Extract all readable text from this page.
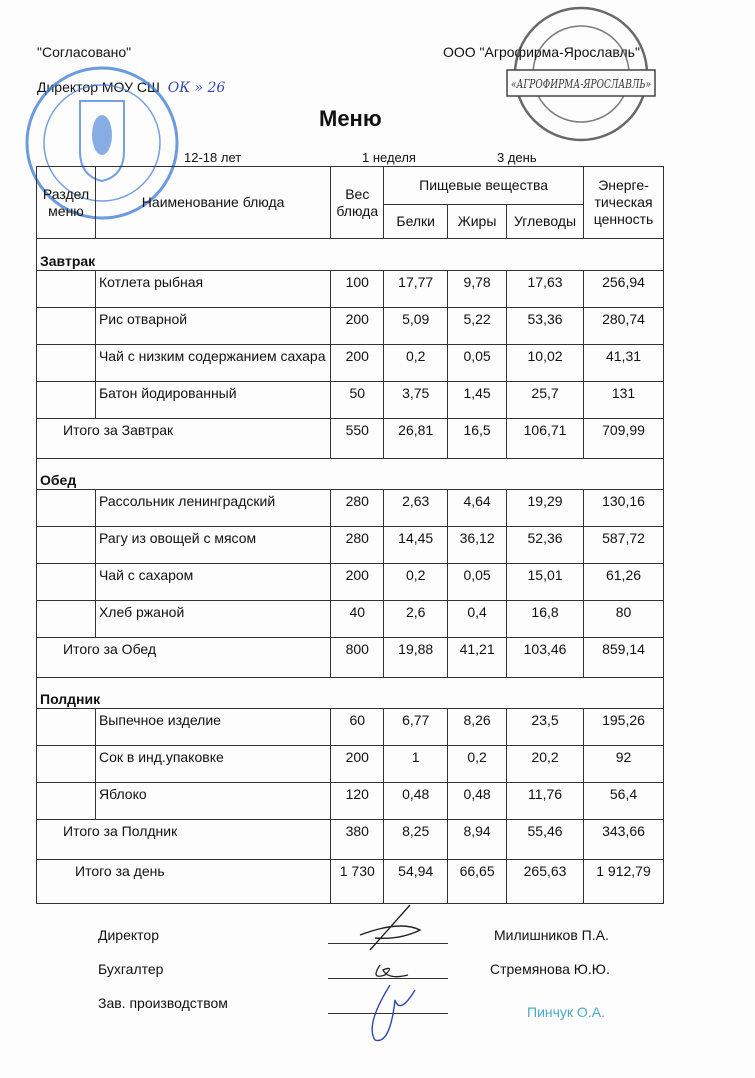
"Согласовано"
Директор МОУ СШ ОК » 26
ООО "Агрофирма-Ярославль"
«АГРОФИРМА-ЯРОСЛАВЛЬ»
Меню
12-18 лет	1 неделя	3 день
Раздел меню	Наименование блюда	Вес блюда	Пищевые вещества			Энерге-тическая ценность
			Белки	Жиры	Углеводы	
Завтрак						
	Котлета рыбная	100	17,77	9,78	17,63	256,94
	Рис отварной	200	5,09	5,22	53,36	280,74
	Чай с низким содержанием сахара	200	0,2	0,05	10,02	41,31
	Батон йодированный	50	3,75	1,45	25,7	131
Итого за Завтрак		550	26,81	16,5	106,71	709,99
Обед						
	Рассольник ленинградский	280	2,63	4,64	19,29	130,16
	Рагу из овощей с мясом	280	14,45	36,12	52,36	587,72
	Чай с сахаром	200	0,2	0,05	15,01	61,26
	Хлеб ржаной	40	2,6	0,4	16,8	80
Итого за Обед		800	19,88	41,21	103,46	859,14
Полдник						
	Выпечное изделие	60	6,77	8,26	23,5	195,26
	Сок в инд.упаковке	200	1	0,2	20,2	92
	Яблоко	120	0,48	0,48	11,76	56,4
Итого за Полдник		380	8,25	8,94	55,46	343,66
Итого за день		1 730	54,94	66,65	265,63	1 912,79
Директор	Милишников П.А.
Бухгалтер	Стремянова Ю.Ю.
Зав. производством
Пинчук О.А.
